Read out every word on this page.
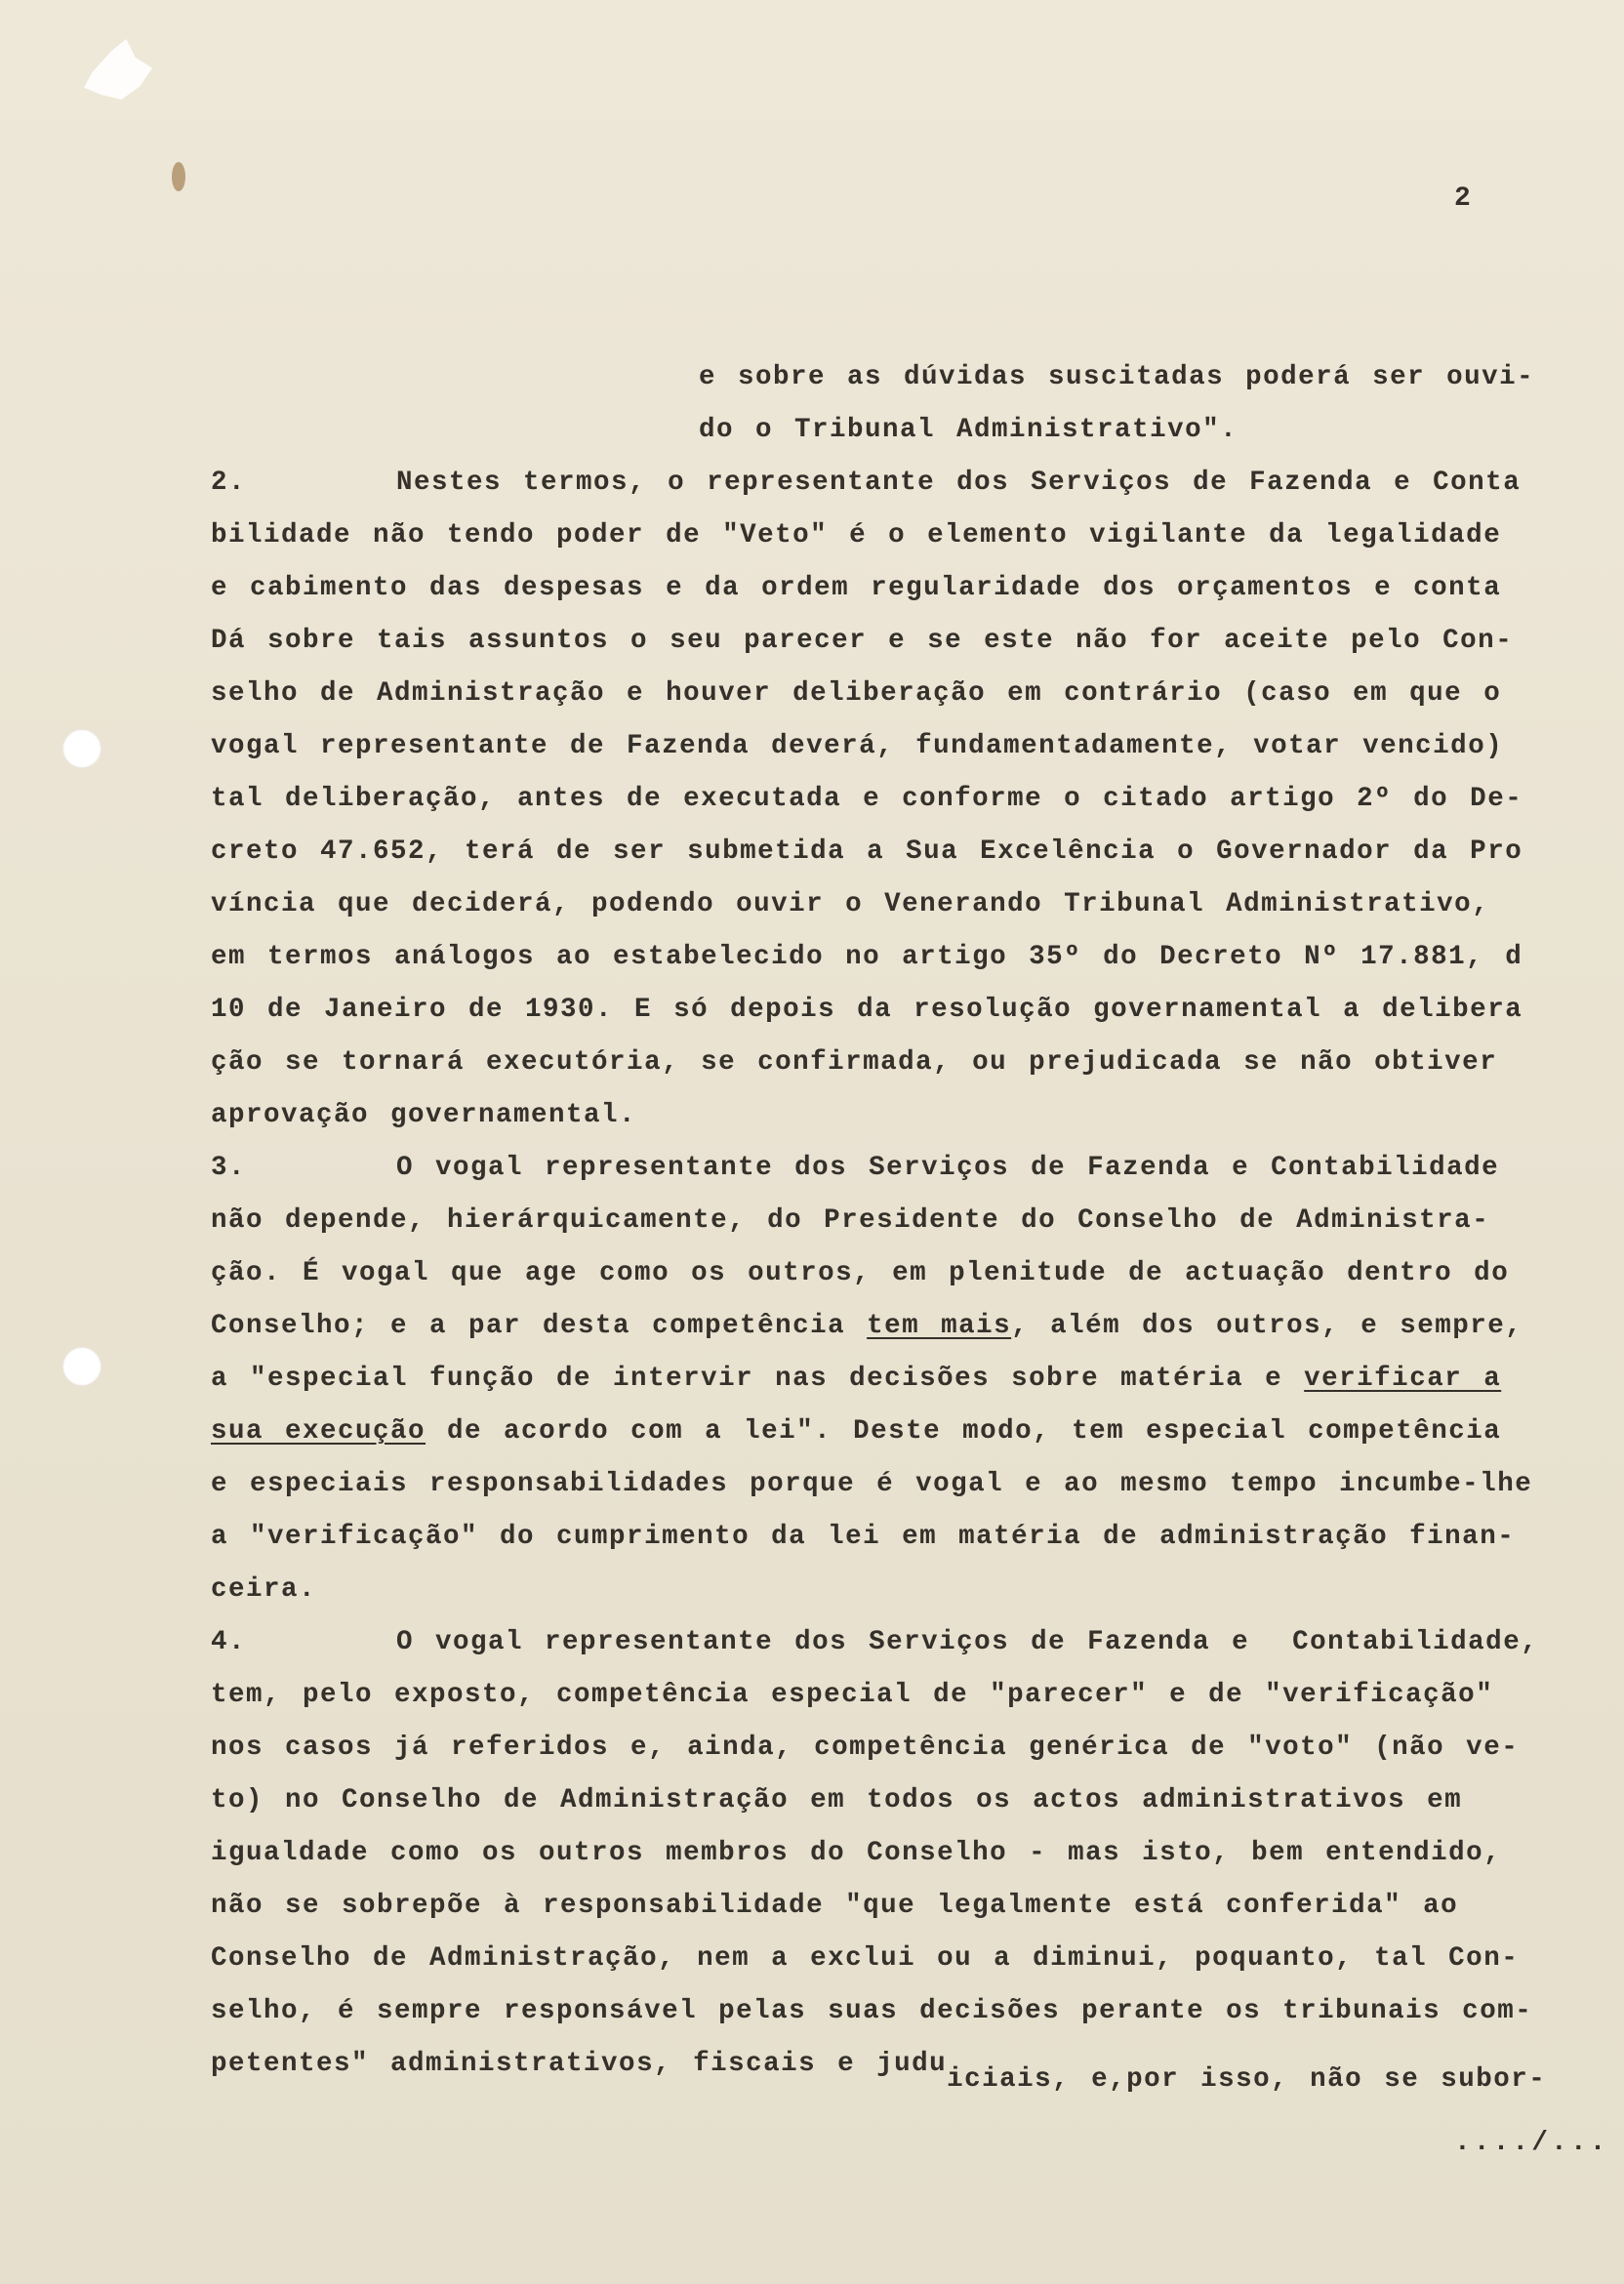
2
e sobre as dúvidas suscitadas poderá ser ouvi-
do o Tribunal Administrativo".
2.       Nestes termos, o representante dos Serviços de Fazenda e Conta
bilidade não tendo poder de "Veto" é o elemento vigilante da legalidade
e cabimento das despesas e da ordem regularidade dos orçamentos e conta
Dá sobre tais assuntos o seu parecer e se este não for aceite pelo Con-
selho de Administração e houver deliberação em contrário (caso em que o
vogal representante de Fazenda deverá, fundamentadamente, votar vencido)
tal deliberação, antes de executada e conforme o citado artigo 2º do De-
creto 47.652, terá de ser submetida a Sua Excelência o Governador da Pro
víncia que deciderá, podendo ouvir o Venerando Tribunal Administrativo,
em termos análogos ao estabelecido no artigo 35º do Decreto Nº 17.881, d
10 de Janeiro de 1930. E só depois da resolução governamental a delibera
ção se tornará executória, se confirmada, ou prejudicada se não obtiver
aprovação governamental.
3.       O vogal representante dos Serviços de Fazenda e Contabilidade
não depende, hierárquicamente, do Presidente do Conselho de Administra-
ção. É vogal que age como os outros, em plenitude de actuação dentro do
Conselho; e a par desta competência tem mais, além dos outros, e sempre,
a "especial função de intervir nas decisões sobre matéria e verificar a
sua execução de acordo com a lei". Deste modo, tem especial competência
e especiais responsabilidades porque é vogal e ao mesmo tempo incumbe-lhe
a "verificação" do cumprimento da lei em matéria de administração finan-
ceira.
4.       O vogal representante dos Serviços de Fazenda e  Contabilidade,
tem, pelo exposto, competência especial de "parecer" e de "verificação"
nos casos já referidos e, ainda, competência genérica de "voto" (não ve-
to) no Conselho de Administração em todos os actos administrativos em
igualdade como os outros membros do Conselho - mas isto, bem entendido,
não se sobrepõe à responsabilidade "que legalmente está conferida" ao
Conselho de Administração, nem a exclui ou a diminui, poquanto, tal Con-
selho, é sempre responsável pelas suas decisões perante os tribunais com-
petentes" administrativos, fiscais e juduiciais, e,por isso, não se subor-
..../...
